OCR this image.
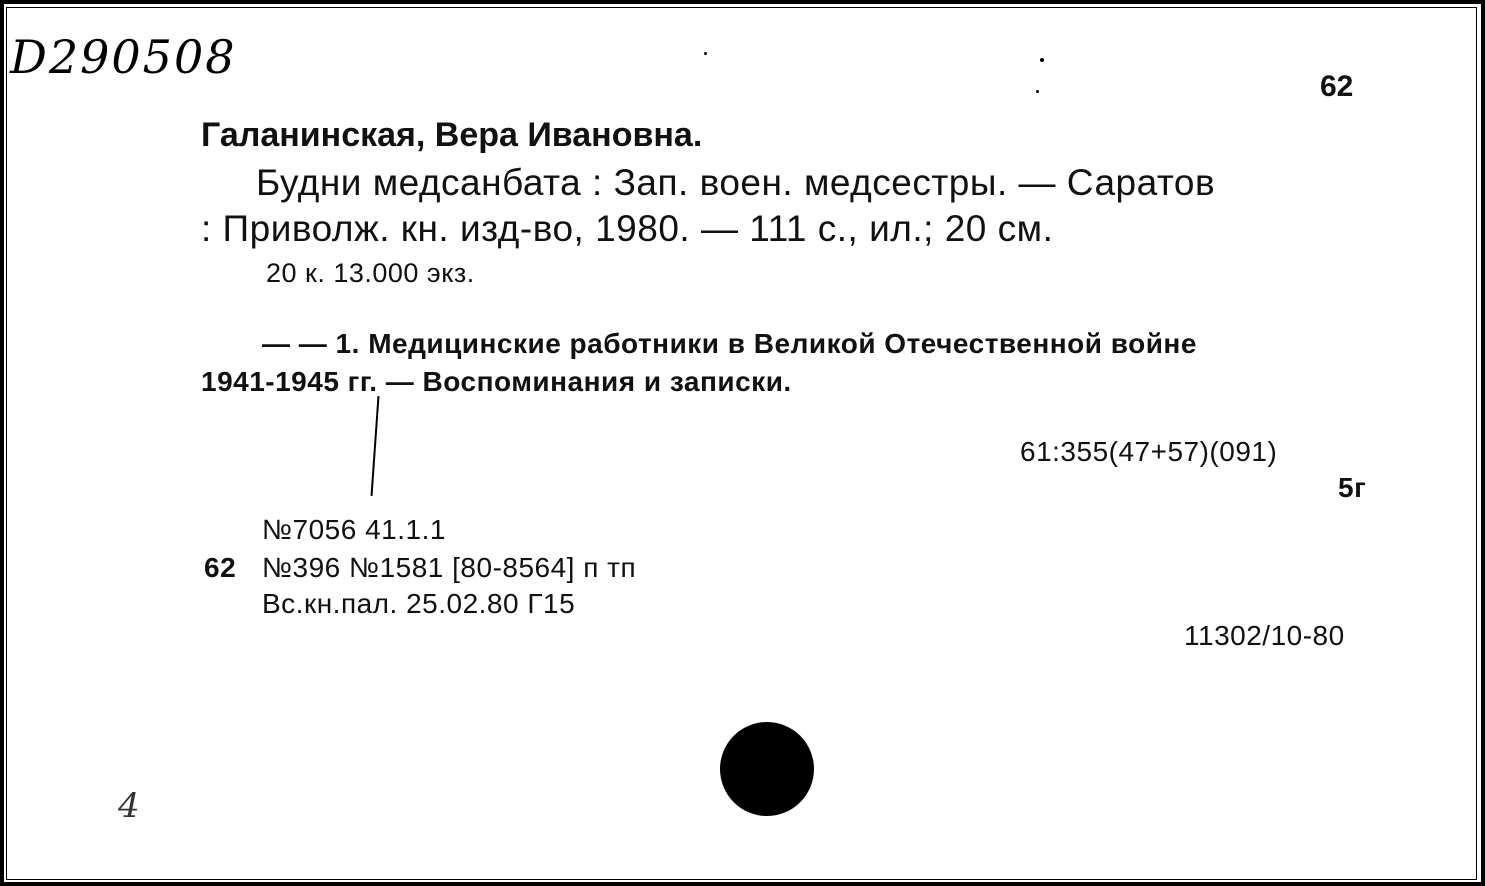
D290508
62
Галанинская, Вера Ивановна.
Будни медсанбата : Зап. воен. медсестры. — Саратов
: Приволж. кн. изд-во, 1980. — 111 с., ил.; 20 см.
20 к. 13.000 экз.
— — 1. Медицинские работники в Великой Отечественной войне
1941-1945 гг. — Воспоминания и записки.
61:355(47+57)(091)
5г
№7056 41.1.1
62 №396 №1581 [80-8564] п тп
Вс.кн.пал. 25.02.80 Г15
11302/10-80
4
